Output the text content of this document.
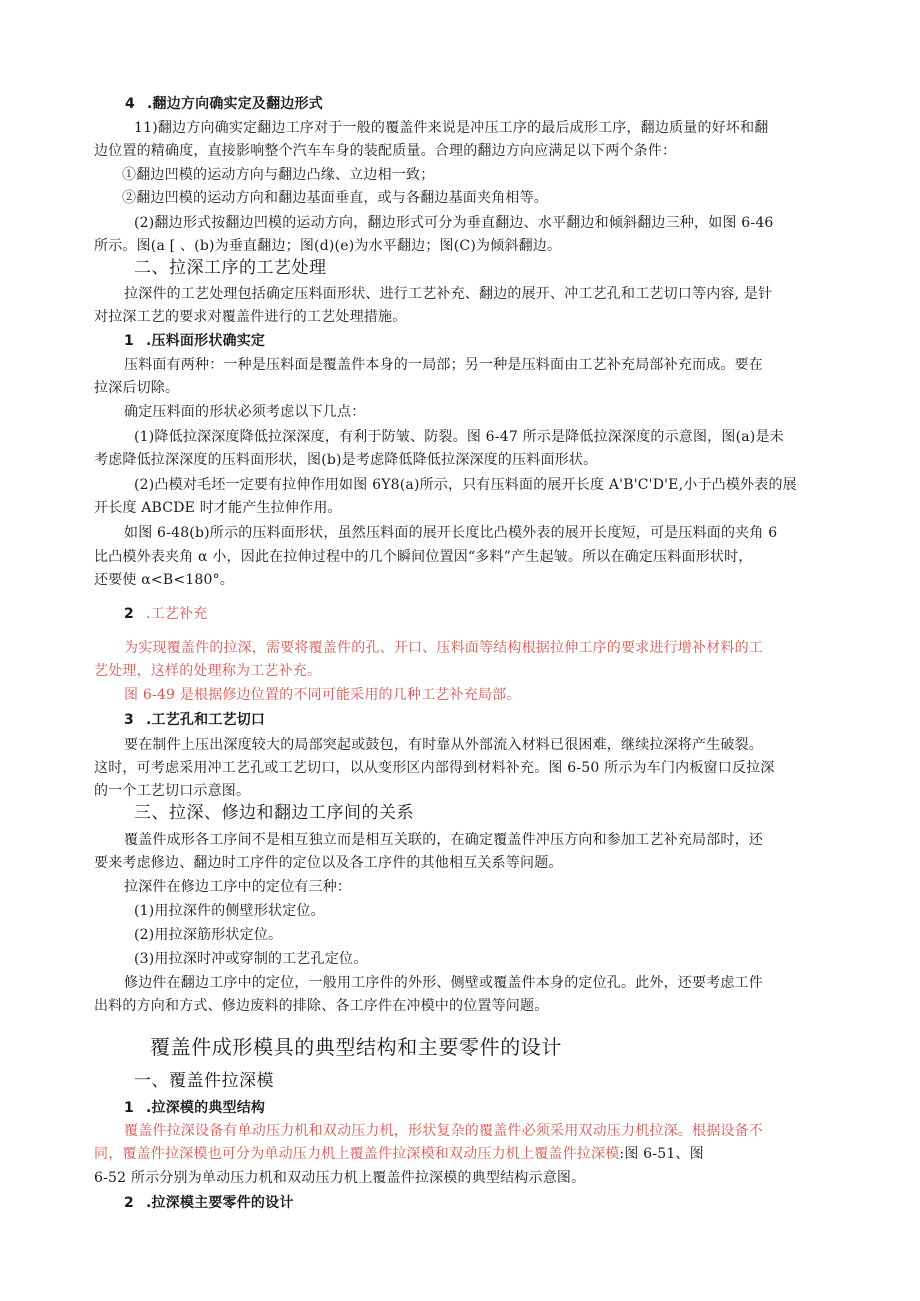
4 .翻边方向确实定及翻边形式
11)翻边方向确实定翻边工序对于一般的覆盖件来说是冲压工序的最后成形工序，翻边质量的好坏和翻
边位置的精确度，直接影响整个汽车车身的装配质量。合理的翻边方向应满足以下两个条件：
①翻边凹模的运动方向与翻边凸缘、立边相一致；
②翻边凹模的运动方向和翻边基面垂直，或与各翻边基面夹角相等。
(2)翻边形式按翻边凹模的运动方向，翻边形式可分为垂直翻边、水平翻边和倾斜翻边三种，如图 6-46
所示。图(a [ 、(b)为垂直翻边；图(d)(e)为水平翻边；图(C)为倾斜翻边。
二、拉深工序的工艺处理
拉深件的工艺处理包括确定压料面形状、进行工艺补充、翻边的展开、冲工艺孔和工艺切口等内容, 是针
对拉深工艺的要求对覆盖件进行的工艺处理措施。
1 .压料面形状确实定
压料面有两种：一种是压料面是覆盖件本身的一局部；另一种是压料面由工艺补充局部补充而成。要在
拉深后切除。
确定压料面的形状必须考虑以下几点：
(1)降低拉深深度降低拉深深度，有利于防皱、防裂。图 6-47 所示是降低拉深深度的示意图，图(a)是未
考虑降低拉深深度的压料面形状，图(b)是考虑降低降低拉深深度的压料面形状。
(2)凸模对毛坯一定要有拉伸作用如图 6Y8(a)所示，只有压料面的展开长度 A'B'C'D'E,小于凸模外表的展
开长度 ABCDE 时才能产生拉伸作用。
如图 6-48(b)所示的压料面形状，虽然压料面的展开长度比凸模外表的展开长度短，可是压料面的夹角 6
比凸模外表夹角 α 小，因此在拉伸过程中的几个瞬间位置因“多料”产生起皱。所以在确定压料面形状时，
还要使 α<B<180°。
2 .工艺补充
为实现覆盖件的拉深，需要将覆盖件的孔、开口、压料面等结构根据拉伸工序的要求进行增补材料的工
艺处理，这样的处理称为工艺补充。
图 6-49 是根据修边位置的不同可能采用的几种工艺补充局部。
3 .工艺孔和工艺切口
要在制件上压出深度较大的局部突起或鼓包，有时靠从外部流入材料已很困难，继续拉深将产生破裂。
这时，可考虑采用冲工艺孔或工艺切口，以从变形区内部得到材料补充。图 6-50 所示为车门内板窗口反拉深
的一个工艺切口示意图。
三、拉深、修边和翻边工序间的关系
覆盖件成形各工序间不是相互独立而是相互关联的，在确定覆盖件冲压方向和参加工艺补充局部时，还
要来考虑修边、翻边时工序件的定位以及各工序件的其他相互关系等问题。
拉深件在修边工序中的定位有三种：
(1)用拉深件的侧壁形状定位。
(2)用拉深筋形状定位。
(3)用拉深时冲或穿制的工艺孔定位。
修边件在翻边工序中的定位，一般用工序件的外形、侧壁或覆盖件本身的定位孔。此外，还要考虑工件
出料的方向和方式、修边废料的排除、各工序件在冲模中的位置等问题。
覆盖件成形模具的典型结构和主要零件的设计
一、覆盖件拉深模
1 .拉深模的典型结构
覆盖件拉深设备有单动压力机和双动压力机，形状复杂的覆盖件必须采用双动压力机拉深。根据设备不
同，覆盖件拉深模也可分为单动压力机上覆盖件拉深模和双动压力机上覆盖件拉深模:图 6-51、图
6-52 所示分别为单动压力机和双动压力机上覆盖件拉深模的典型结构示意图。
2 .拉深模主要零件的设计
